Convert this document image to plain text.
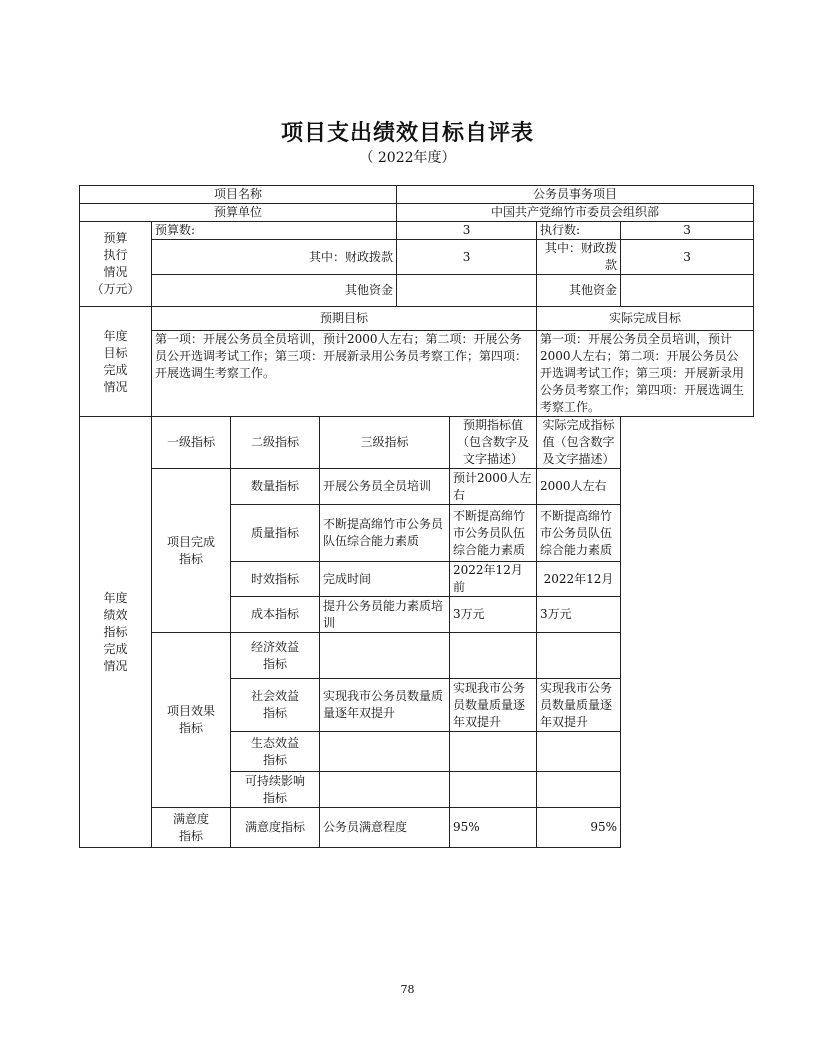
项目支出绩效目标自评表
（ 2022年度）
项目名称				公务员事务项目			
预算单位				中国共产党绵竹市委员会组织部			
预算
执行
情况
（万元）	预算数:			3		执行数:	3
	其中：财政拨款			3		其中：财政拨款	3
	其他资金					其他资金	
年度
目标
完成
情况	预期目标					实际完成目标	
	第一项：开展公务员全员培训，预计2000人左右；第二项：开展公务员公开选调考试工作；第三项：开展新录用公务员考察工作；第四项：开展选调生考察工作。					第一项：开展公务员全员培训，预计2000人左右；第二项：开展公务员公开选调考试工作；第三项：开展新录用公务员考察工作；第四项：开展选调生考察工作。	
年度
绩效
指标
完成
情况	一级指标	二级指标	三级指标		预期指标值（包含数字及文字描述）	实际完成指标值（包含数字及文字描述）	
	项目完成
指标	数量指标	开展公务员全员培训		预计2000人左右	2000人左右	
		质量指标	不断提高绵竹市公务员队伍综合能力素质		不断提高绵竹市公务员队伍综合能力素质	不断提高绵竹市公务员队伍综合能力素质	
		时效指标	完成时间		2022年12月前	2022年12月	
		成本指标	提升公务员能力素质培训		3万元	3万元	
	项目效果
指标	经济效益
指标					
		社会效益
指标	实现我市公务员数量质量逐年双提升		实现我市公务员数量质量逐年双提升	实现我市公务员数量质量逐年双提升	
		生态效益
指标					
		可持续影响
指标					
	满意度
指标	满意度指标	公务员满意程度		95%	95%	
78
